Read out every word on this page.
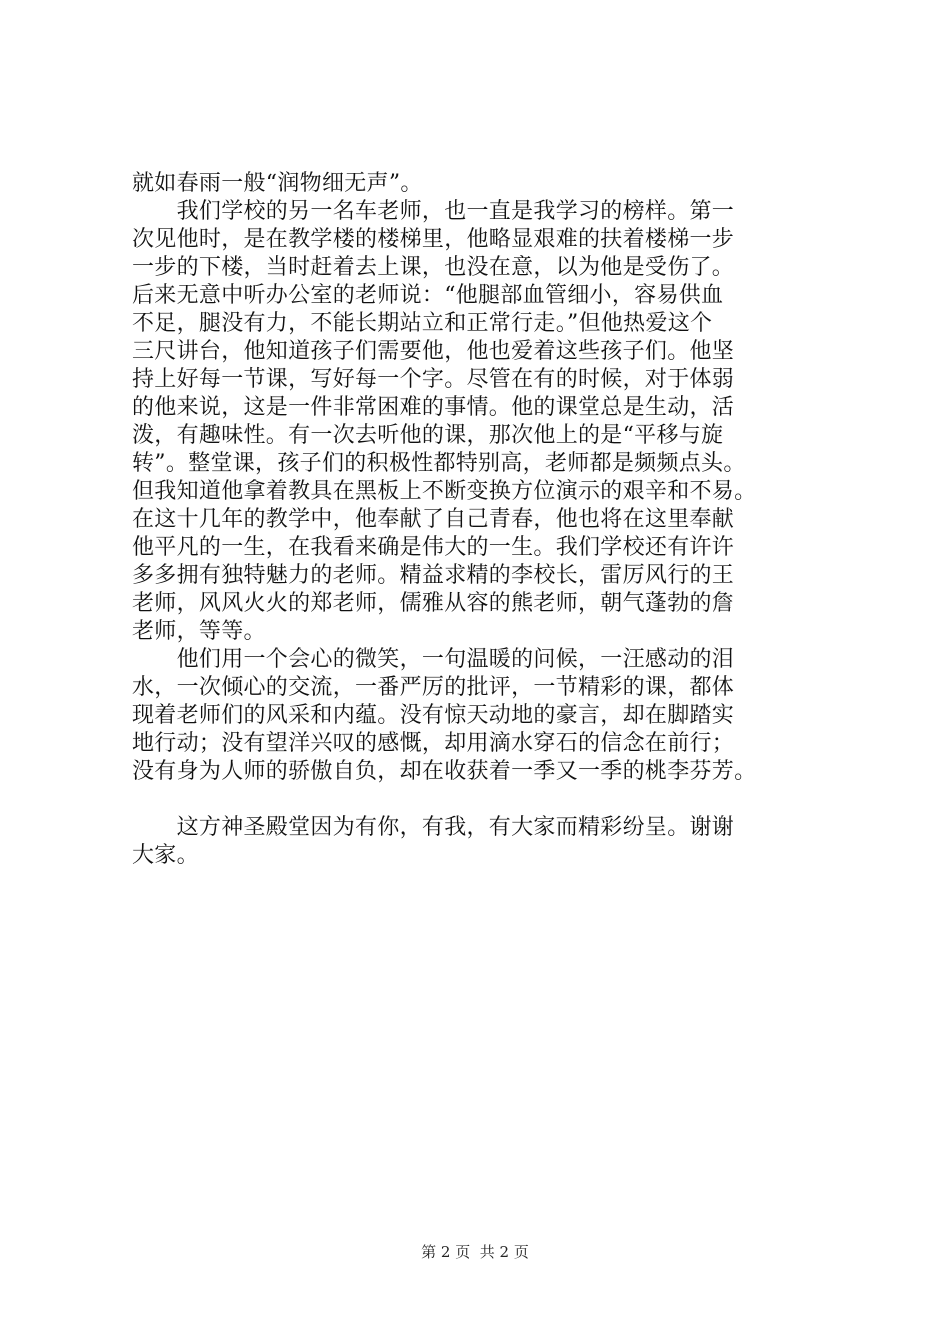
就如春雨一般“润物细无声”。
　　我们学校的另一名车老师，也一直是我学习的榜样。第一
次见他时，是在教学楼的楼梯里，他略显艰难的扶着楼梯一步
一步的下楼，当时赶着去上课，也没在意，以为他是受伤了。
后来无意中听办公室的老师说：“他腿部血管细小，容易供血
不足，腿没有力，不能长期站立和正常行走。”但他热爱这个
三尺讲台，他知道孩子们需要他，他也爱着这些孩子们。他坚
持上好每一节课，写好每一个字。尽管在有的时候，对于体弱
的他来说，这是一件非常困难的事情。他的课堂总是生动，活
泼，有趣味性。有一次去听他的课，那次他上的是“平移与旋
转”。整堂课，孩子们的积极性都特别高，老师都是频频点头。
但我知道他拿着教具在黑板上不断变换方位演示的艰辛和不易。
在这十几年的教学中，他奉献了自己青春，他也将在这里奉献
他平凡的一生，在我看来确是伟大的一生。我们学校还有许许
多多拥有独特魅力的老师。精益求精的李校长，雷厉风行的王
老师，风风火火的郑老师，儒雅从容的熊老师，朝气蓬勃的詹
老师，等等。
　　他们用一个会心的微笑，一句温暖的问候，一汪感动的泪
水，一次倾心的交流，一番严厉的批评，一节精彩的课，都体
现着老师们的风采和内蕴。没有惊天动地的豪言，却在脚踏实
地行动；没有望洋兴叹的感慨，却用滴水穿石的信念在前行；
没有身为人师的骄傲自负，却在收获着一季又一季的桃李芬芳。
　　这方神圣殿堂因为有你，有我，有大家而精彩纷呈。谢谢
大家。
第 2 页  共 2 页
